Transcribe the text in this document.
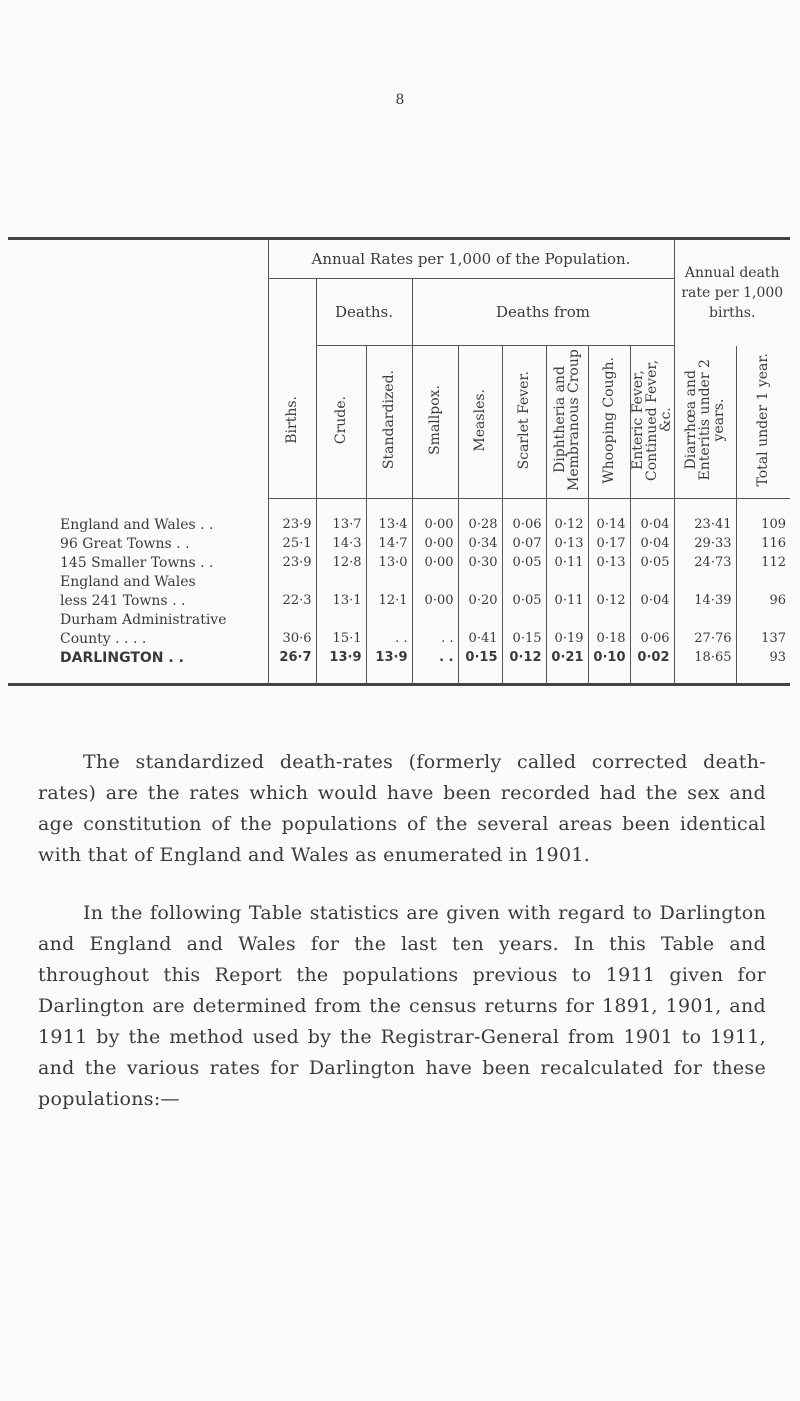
8
	Annual Rates per 1,000 of the Population.									Annual death rate per 1,000 births.	
		Deaths.		Deaths from							
	Births.	Crude.	Standardized.	Smallpox.	Measles.	Scarlet Fever.	Diphtheria and Membranous Croup	Whooping Cough.	Enteric Fever, Continued Fever, &c.	Diarrhœa and Enteritis under 2 years.	Total under 1 year.

England and Wales . .	23·9	13·7	13·4	0·00	0·28	0·06	0·12	0·14	0·04	23·41	109
96 Great Towns . .	25·1	14·3	14·7	0·00	0·34	0·07	0·13	0·17	0·04	29·33	116
145 Smaller Towns . .	23·9	12·8	13·0	0·00	0·30	0·05	0·11	0·13	0·05	24·73	112
England and Wales											
less 241 Towns . .	22·3	13·1	12·1	0·00	0·20	0·05	0·11	0·12	0·04	14·39	96
Durham Administrative											
County . . . .	30·6	15·1	. .	. .	0·41	0·15	0·19	0·18	0·06	27·76	137
DARLINGTON . .	26·7	13·9	13·9	. .	0·15	0·12	0·21	0·10	0·02	18·65	93

The standardized death-rates (formerly called corrected death-rates) are the rates which would have been recorded had the sex and age constitution of the populations of the several areas been identical with that of England and Wales as enumerated in 1901.

In the following Table statistics are given with regard to Darlington and England and Wales for the last ten years. In this Table and throughout this Report the populations previous to 1911 given for Darlington are determined from the census returns for 1891, 1901, and 1911 by the method used by the Registrar-General from 1901 to 1911, and the various rates for Darlington have been recalculated for these populations:—
